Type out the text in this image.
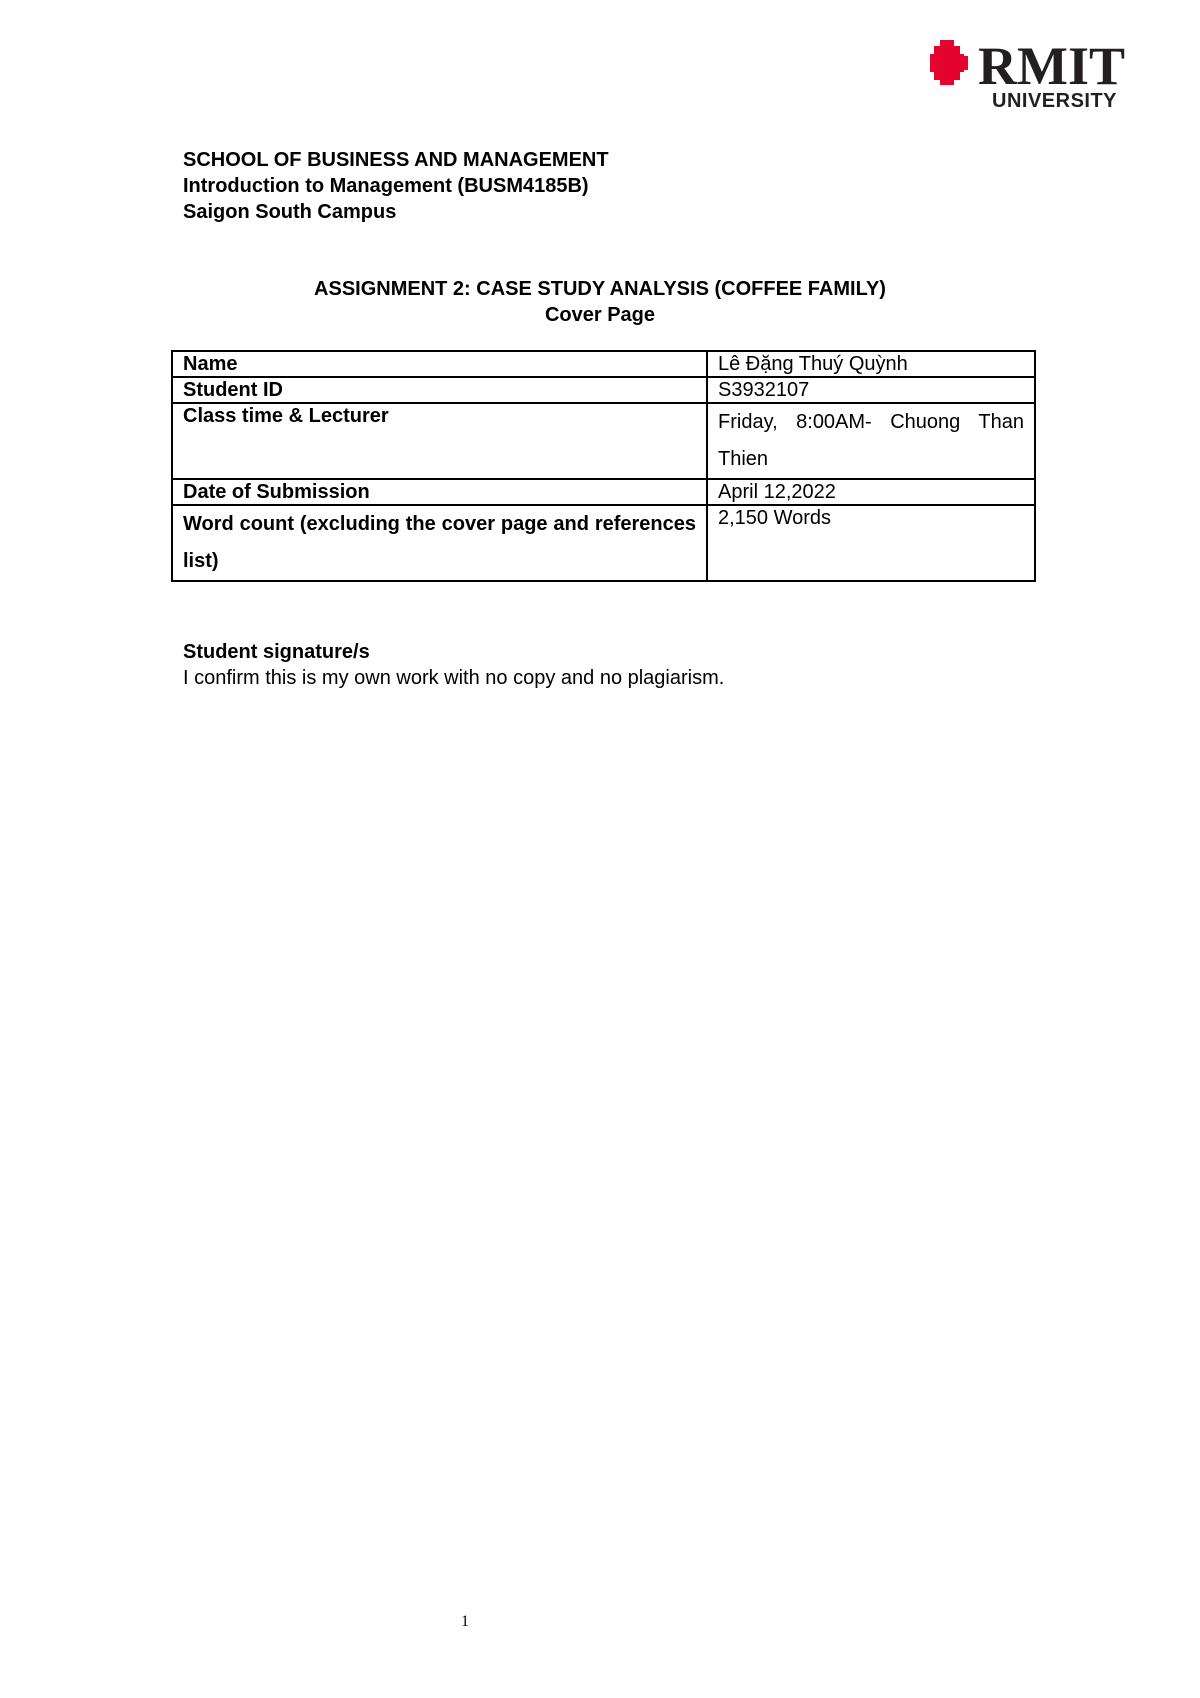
RMIT
UNIVERSITY
SCHOOL OF BUSINESS AND MANAGEMENT
Introduction to Management (BUSM4185B)
Saigon South Campus
ASSIGNMENT 2: CASE STUDY ANALYSIS (COFFEE FAMILY)
Cover Page
Name	Lê Đặng Thuý Quỳnh
Student ID	S3932107
Class time & Lecturer	Friday, 8:00AM- Chuong Than Thien
Date of Submission	April 12,2022
Word count (excluding the cover page and references list)	2,150 Words
Student signature/s
I confirm this is my own work with no copy and no plagiarism.
1
